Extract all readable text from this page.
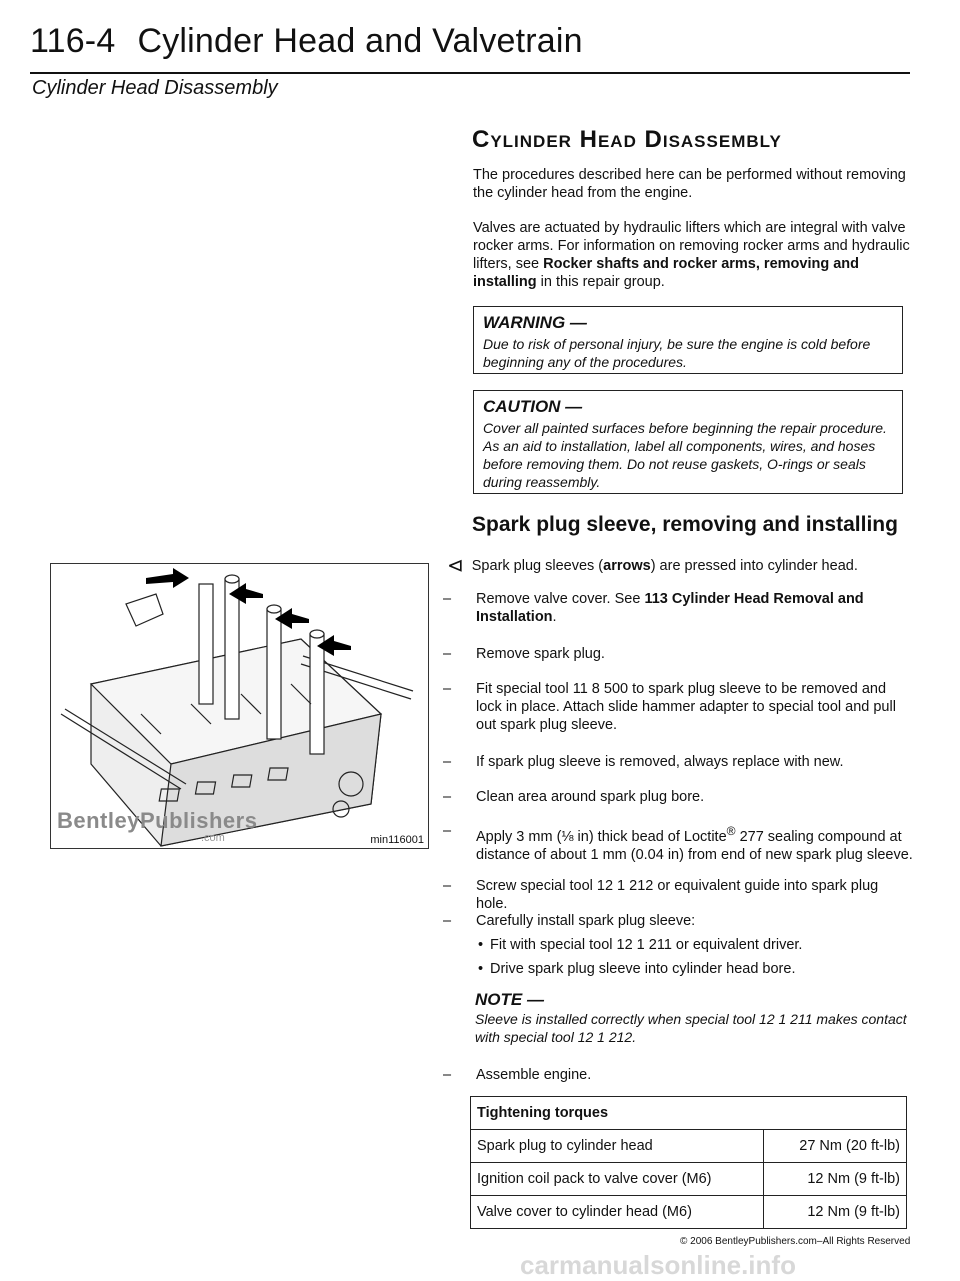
116-4 Cylinder Head and Valvetrain
Cylinder Head Disassembly
Cylinder Head Disassembly
The procedures described here can be performed without removing the cylinder head from the engine.
Valves are actuated by hydraulic lifters which are integral with valve rocker arms. For information on removing rocker arms and hydraulic lifters, see Rocker shafts and rocker arms, removing and installing in this repair group.
WARNING —
Due to risk of personal injury, be sure the engine is cold before beginning any of the procedures.
CAUTION —
Cover all painted surfaces before beginning the repair procedure. As an aid to installation, label all components, wires, and hoses before removing them. Do not reuse gaskets, O-rings or seals during reassembly.
Spark plug sleeve, removing and installing
⊲ Spark plug sleeves (arrows) are pressed into cylinder head.
– Remove valve cover. See 113 Cylinder Head Removal and Installation.
– Remove spark plug.
– Fit special tool 11 8 500 to spark plug sleeve to be removed and lock in place. Attach slide hammer adapter to special tool and pull out spark plug sleeve.
– If spark plug sleeve is removed, always replace with new.
– Clean area around spark plug bore.
– Apply 3 mm (⅛ in) thick bead of Loctite® 277 sealing compound at distance of about 1 mm (0.04 in) from end of new spark plug sleeve.
– Screw special tool 12 1 212 or equivalent guide into spark plug hole.
– Carefully install spark plug sleeve:
• Fit with special tool 12 1 211 or equivalent driver.
• Drive spark plug sleeve into cylinder head bore.
NOTE —
Sleeve is installed correctly when special tool 12 1 211 makes contact with special tool 12 1 212.
– Assemble engine.
Tightening torques	
Spark plug to cylinder head	27 Nm (20 ft-lb)
Ignition coil pack to valve cover (M6)	12 Nm (9 ft-lb)
Valve cover to cylinder head (M6)	12 Nm (9 ft-lb)
BentleyPublishers
.com	min116001
© 2006 BentleyPublishers.com–All Rights Reserved
carmanualsonline.info
